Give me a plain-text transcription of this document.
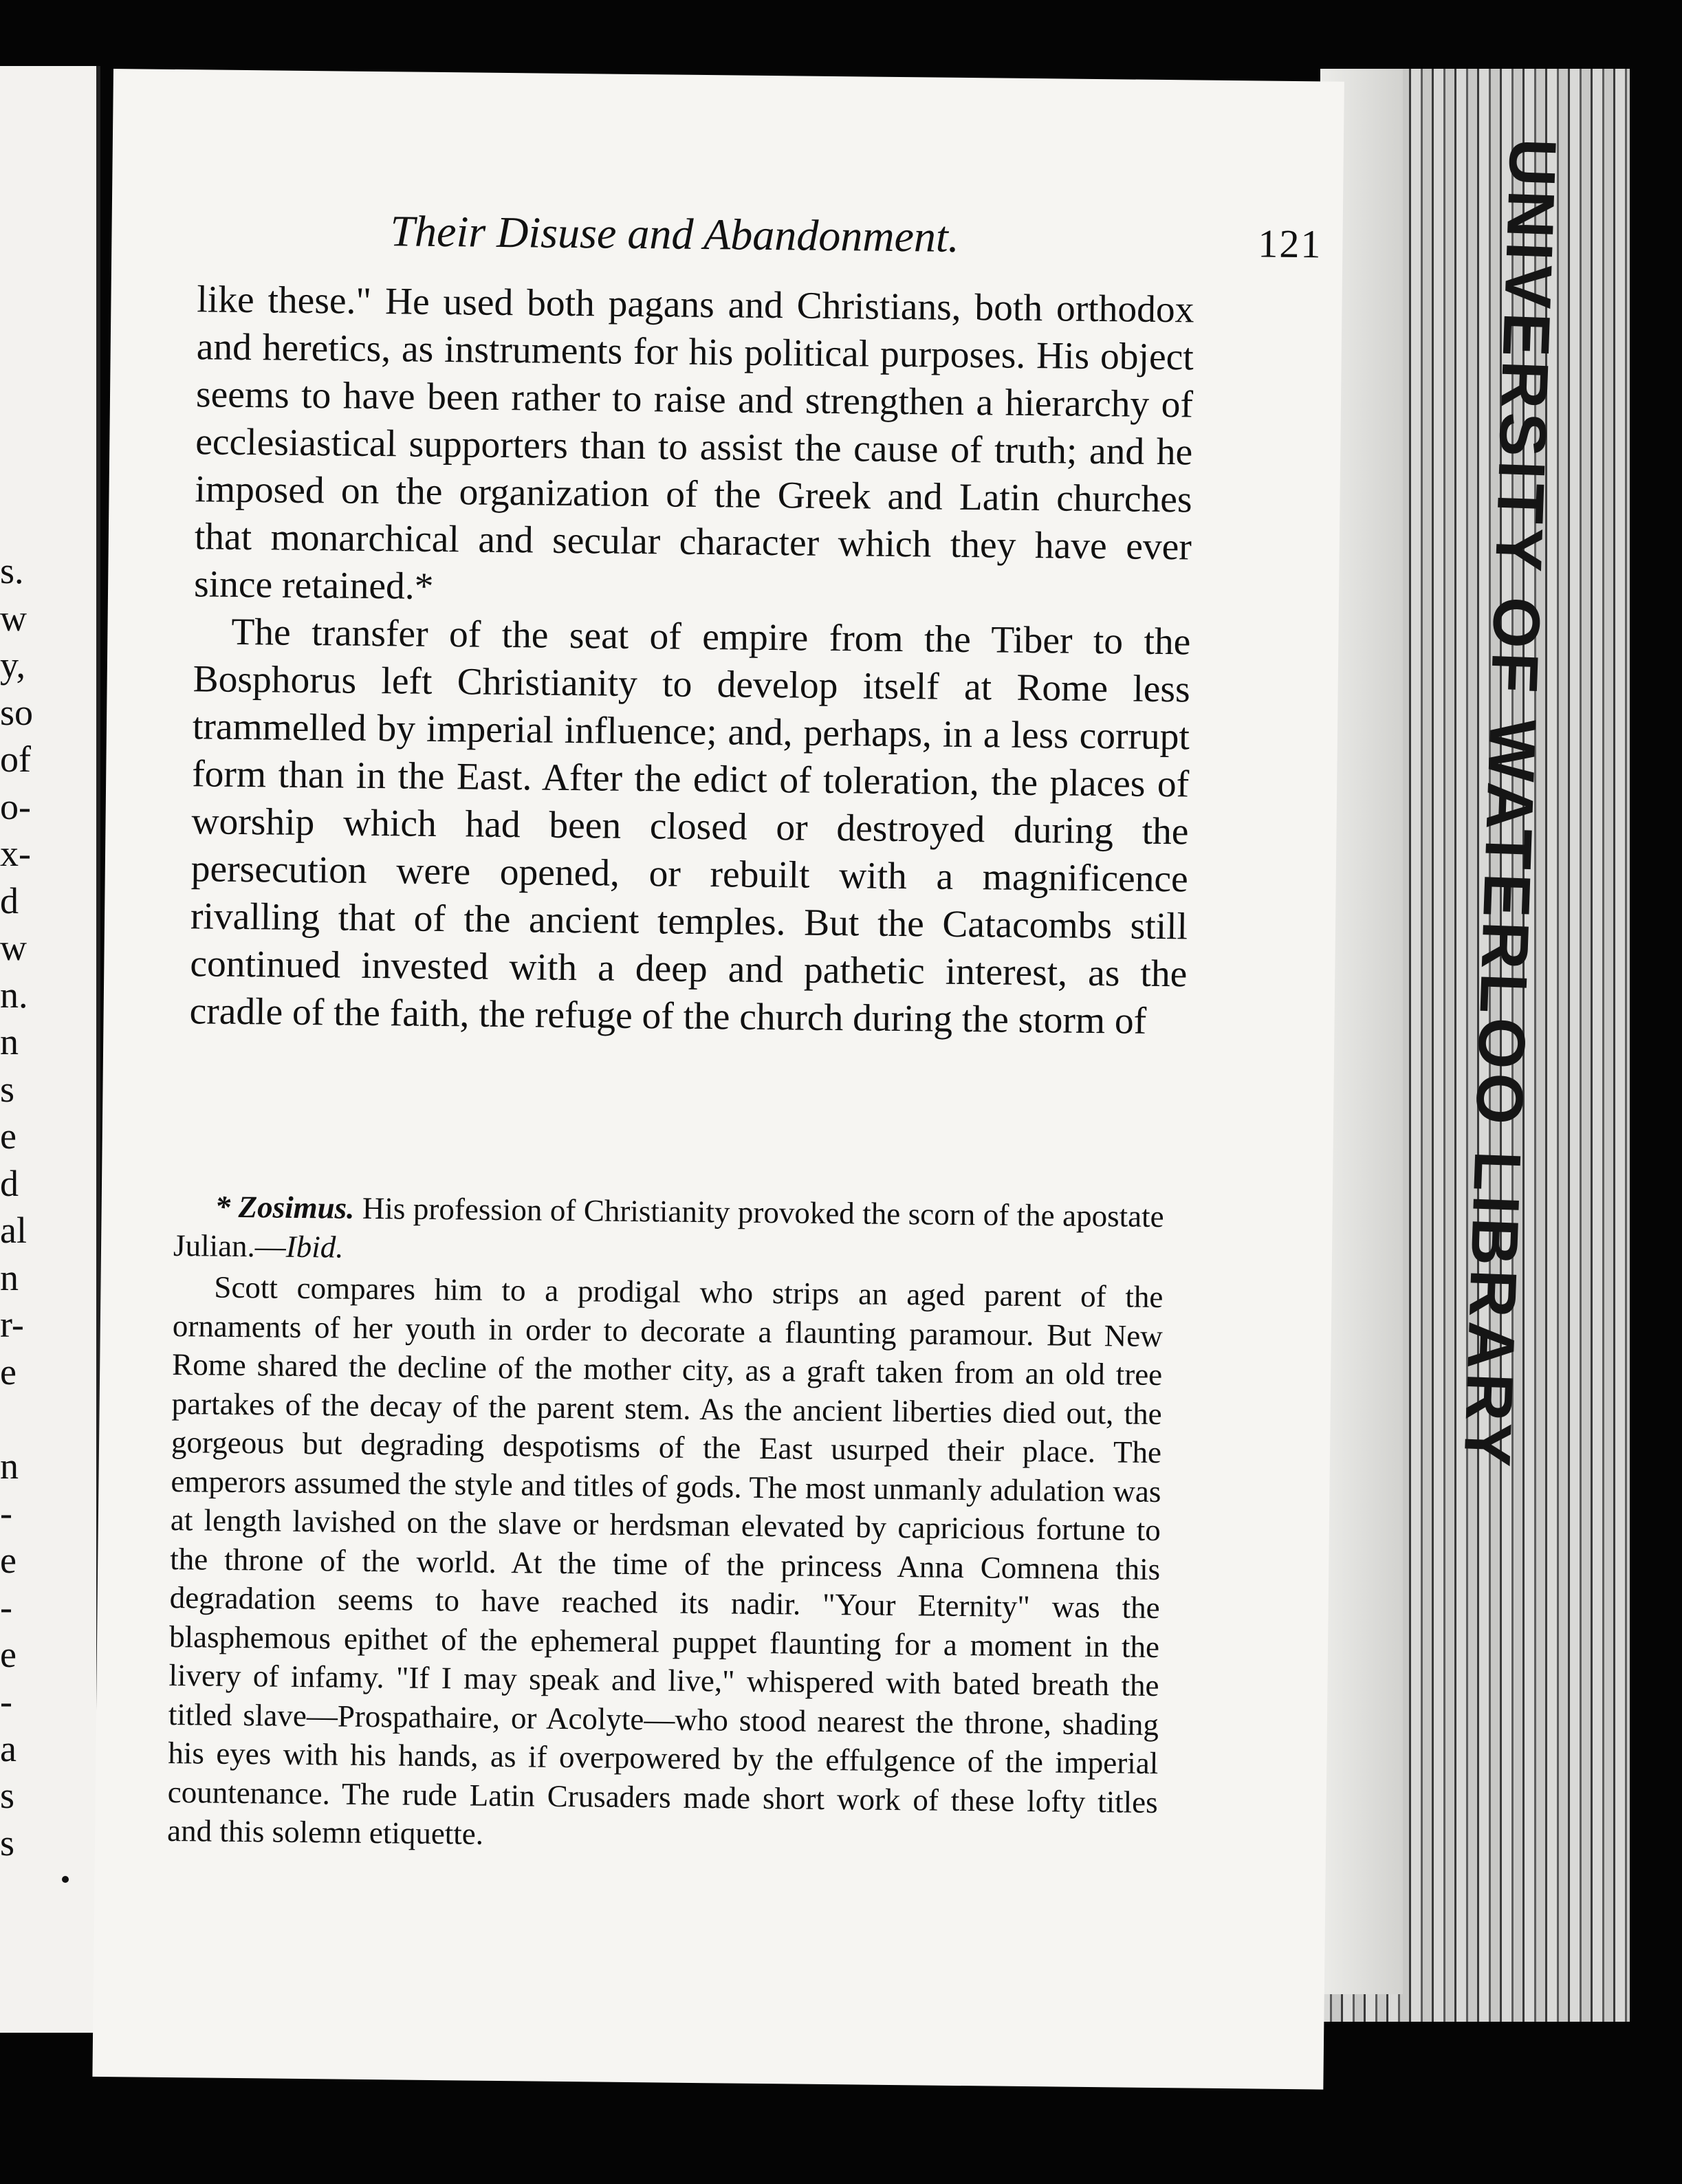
s.
w
y,
so
of
o-
x-
d
w
n.
n
s
e
d
al
n
r-
e
n
-
e
-
e
-
a
s
s
UNIVERSITY OF WATERLOO LIBRARY
Their Disuse and Abandonment.	121

like these." He used both pagans and Christians, both orthodox and heretics, as instruments for his political purposes. His object seems to have been rather to raise and strengthen a hierarchy of ecclesiastical supporters than to assist the cause of truth; and he imposed on the organization of the Greek and Latin churches that monarchical and secular character which they have ever since retained.*

The transfer of the seat of empire from the Tiber to the Bosphorus left Christianity to develop itself at Rome less trammelled by imperial influence; and, perhaps, in a less corrupt form than in the East. After the edict of toleration, the places of worship which had been closed or destroyed during the persecution were opened, or rebuilt with a magnificence rivalling that of the ancient temples. But the Catacombs still continued invested with a deep and pathetic interest, as the cradle of the faith, the refuge of the church during the storm of

* Zosimus. His profession of Christianity provoked the scorn of the apostate Julian.—Ibid.

Scott compares him to a prodigal who strips an aged parent of the ornaments of her youth in order to decorate a flaunting paramour. But New Rome shared the decline of the mother city, as a graft taken from an old tree partakes of the decay of the parent stem. As the ancient liberties died out, the gorgeous but degrading despotisms of the East usurped their place. The emperors assumed the style and titles of gods. The most unmanly adulation was at length lavished on the slave or herdsman elevated by capricious fortune to the throne of the world. At the time of the princess Anna Comnena this degradation seems to have reached its nadir. "Your Eternity" was the blasphemous epithet of the ephemeral puppet flaunting for a moment in the livery of infamy. "If I may speak and live," whispered with bated breath the titled slave—Prospathaire, or Acolyte—who stood nearest the throne, shading his eyes with his hands, as if overpowered by the effulgence of the imperial countenance. The rude Latin Crusaders made short work of these lofty titles and this solemn etiquette.
